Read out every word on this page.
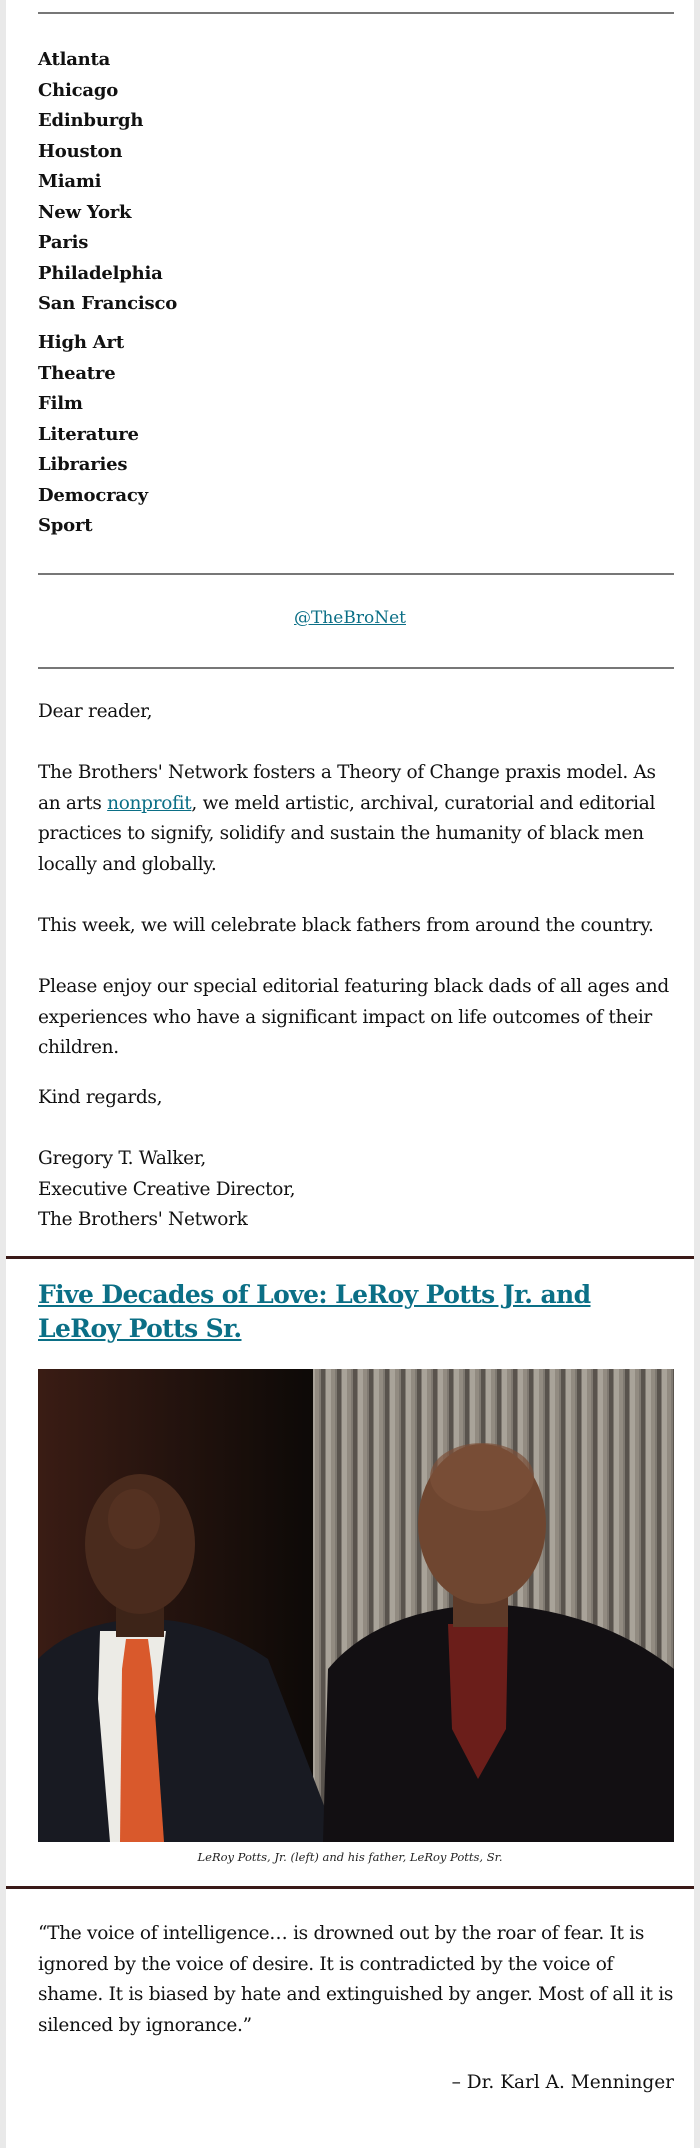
Atlanta
Chicago
Edinburgh
Houston
Miami
New York
Paris
Philadelphia
San Francisco
High Art
Theatre
Film
Literature
Libraries
Democracy
Sport
@TheBroNet
Dear reader,

The Brothers' Network fosters a Theory of Change praxis model. As an arts nonprofit, we meld artistic, archival, curatorial and editorial practices to signify, solidify and sustain the humanity of black men locally and globally.

This week, we will celebrate black fathers from around the country.
Please enjoy our special editorial featuring black dads of all ages and experiences who have a significant impact on life outcomes of their children.
Kind regards,

Gregory T. Walker,

Executive Creative Director,

The Brothers' Network

Five Decades of Love: LeRoy Potts Jr. and LeRoy Potts Sr.
LeRoy Potts, Jr. (left) and his father, LeRoy Potts, Sr.

“The voice of intelligence… is drowned out by the roar of fear. It is ignored by the voice of desire. It is contradicted by the voice of shame. It is biased by hate and extinguished by anger. Most of all it is silenced by ignorance.”

– Dr. Karl A. Menninger
